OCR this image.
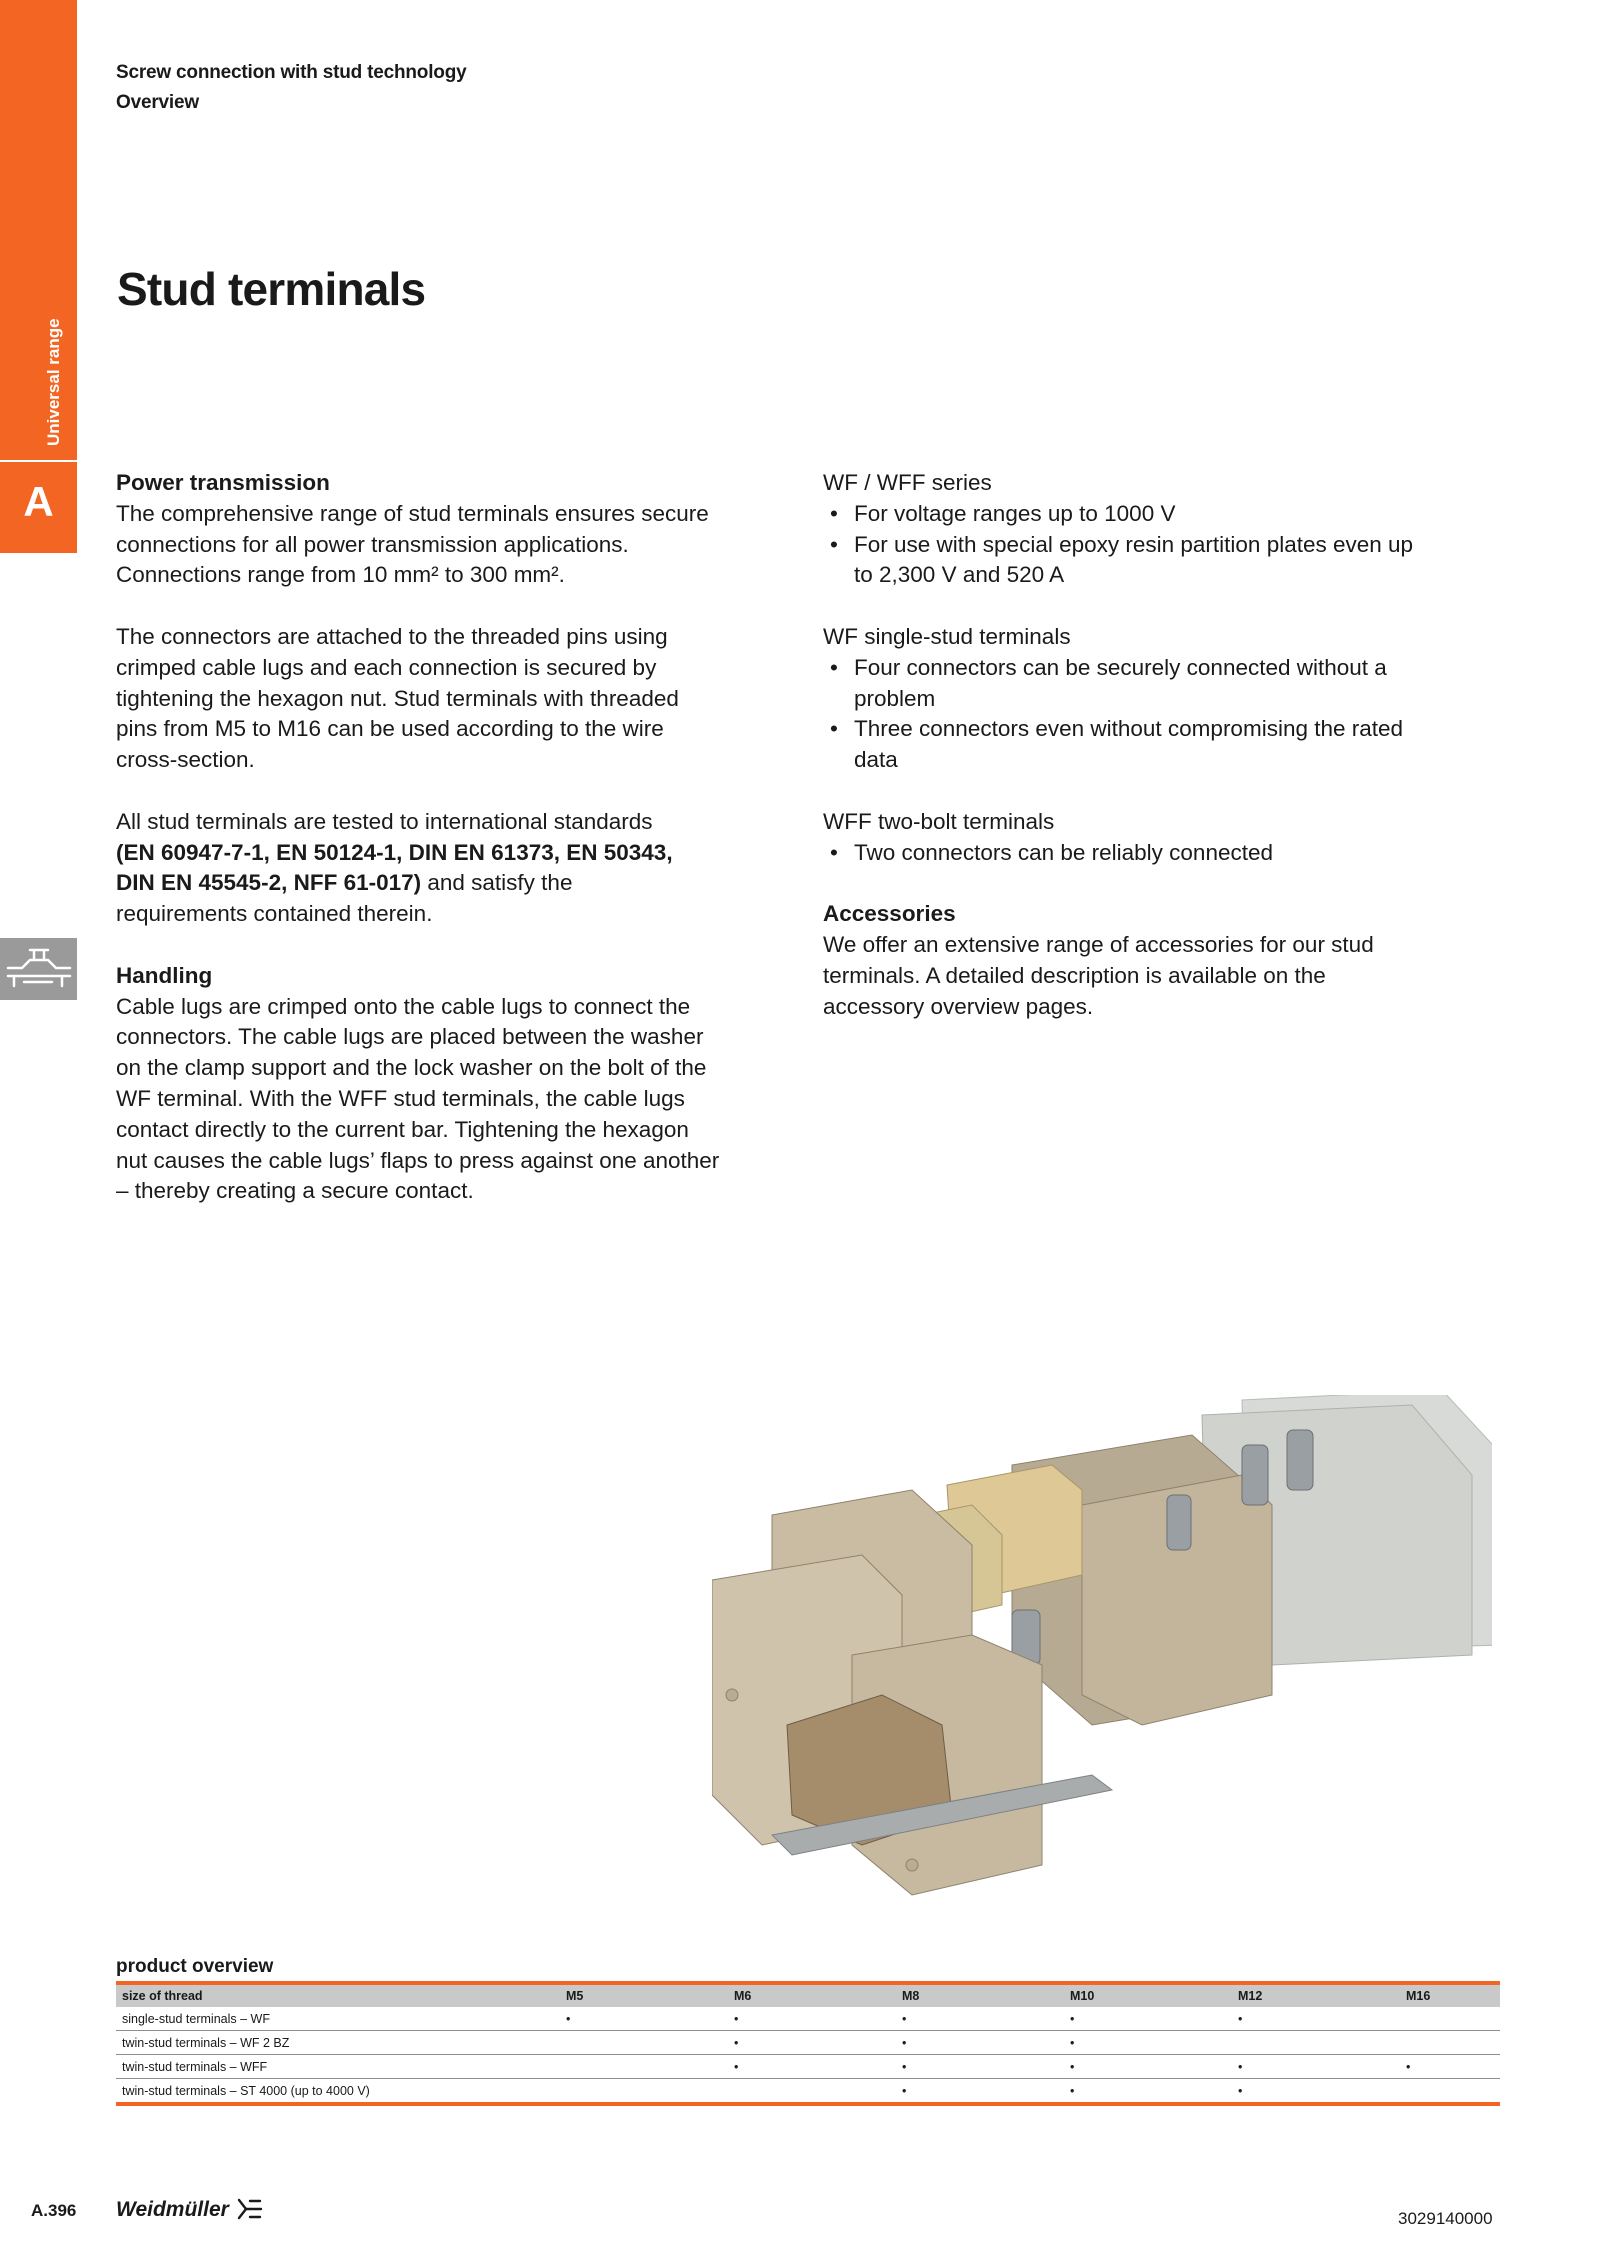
Universal range
A
Screw connection with stud technology
Overview
Stud terminals

Power transmission

The comprehensive range of stud terminals ensures secure

connections for all power transmission applications.

Connections range from 10 mm² to 300 mm².

The connectors are attached to the threaded pins using

crimped cable lugs and each connection is secured by

tightening the hexagon nut. Stud terminals with threaded

pins from M5 to M16 can be used according to the wire

cross-section.

All stud terminals are tested to international standards

(EN 60947-7-1, EN 50124-1, DIN EN 61373, EN 50343,

DIN EN 45545-2, NFF 61-017) and satisfy the

requirements contained therein.

Handling

Cable lugs are crimped onto the cable lugs to connect the

connectors. The cable lugs are placed between the washer

on the clamp support and the lock washer on the bolt of the

WF terminal. With the WFF stud terminals, the cable lugs

contact directly to the current bar. Tightening the hexagon

nut causes the cable lugs’ flaps to press against one another

– thereby creating a secure contact.

WF / WFF series

• For voltage ranges up to 1000 V
• For use with special epoxy resin partition plates even up
to 2,300 V and 520 A

WF single-stud terminals

• Four connectors can be securely connected without a
problem
• Three connectors even without compromising the rated
data

WFF two-bolt terminals

• Two connectors can be reliably connected

Accessories

We offer an extensive range of accessories for our stud

terminals. A detailed description is available on the

accessory overview pages.

product overview
size of thread	M5	M6	M8	M10	M12	M16
single-stud terminals – WF	•	•	•	•	•	
twin-stud terminals – WF 2 BZ		•	•	•		
twin-stud terminals – WFF		•	•	•	•	•
twin-stud terminals – ST 4000 (up to 4000 V)			•	•	•	
A.396 Weidmüller	3029140000
